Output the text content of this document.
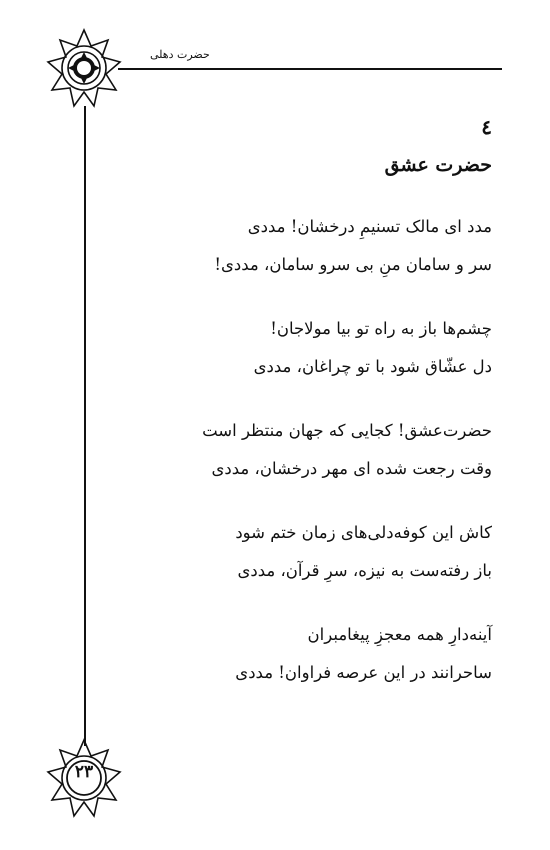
حضرت دهلی
۲۳
٤
حضرت عشق
مدد ای مالک تسنیمِ درخشان! مددی
سر و سامان منِ بی سرو سامان، مددی!
چشم‌ها باز به راه تو بیا مولاجان!
دل عشّاق شود با تو چراغان، مددی
حضرت‌عشق! کجایی که جهان منتظر است
وقت رجعت شده ای مهر درخشان، مددی
کاش این کوفه‌دلی‌های زمان ختم شود
باز رفته‌ست به نیزه، سرِ قرآن، مددی
آینه‌دارِ همه معجزِ پیغامبران
ساحرانند در این عرصه فراوان! مددی
